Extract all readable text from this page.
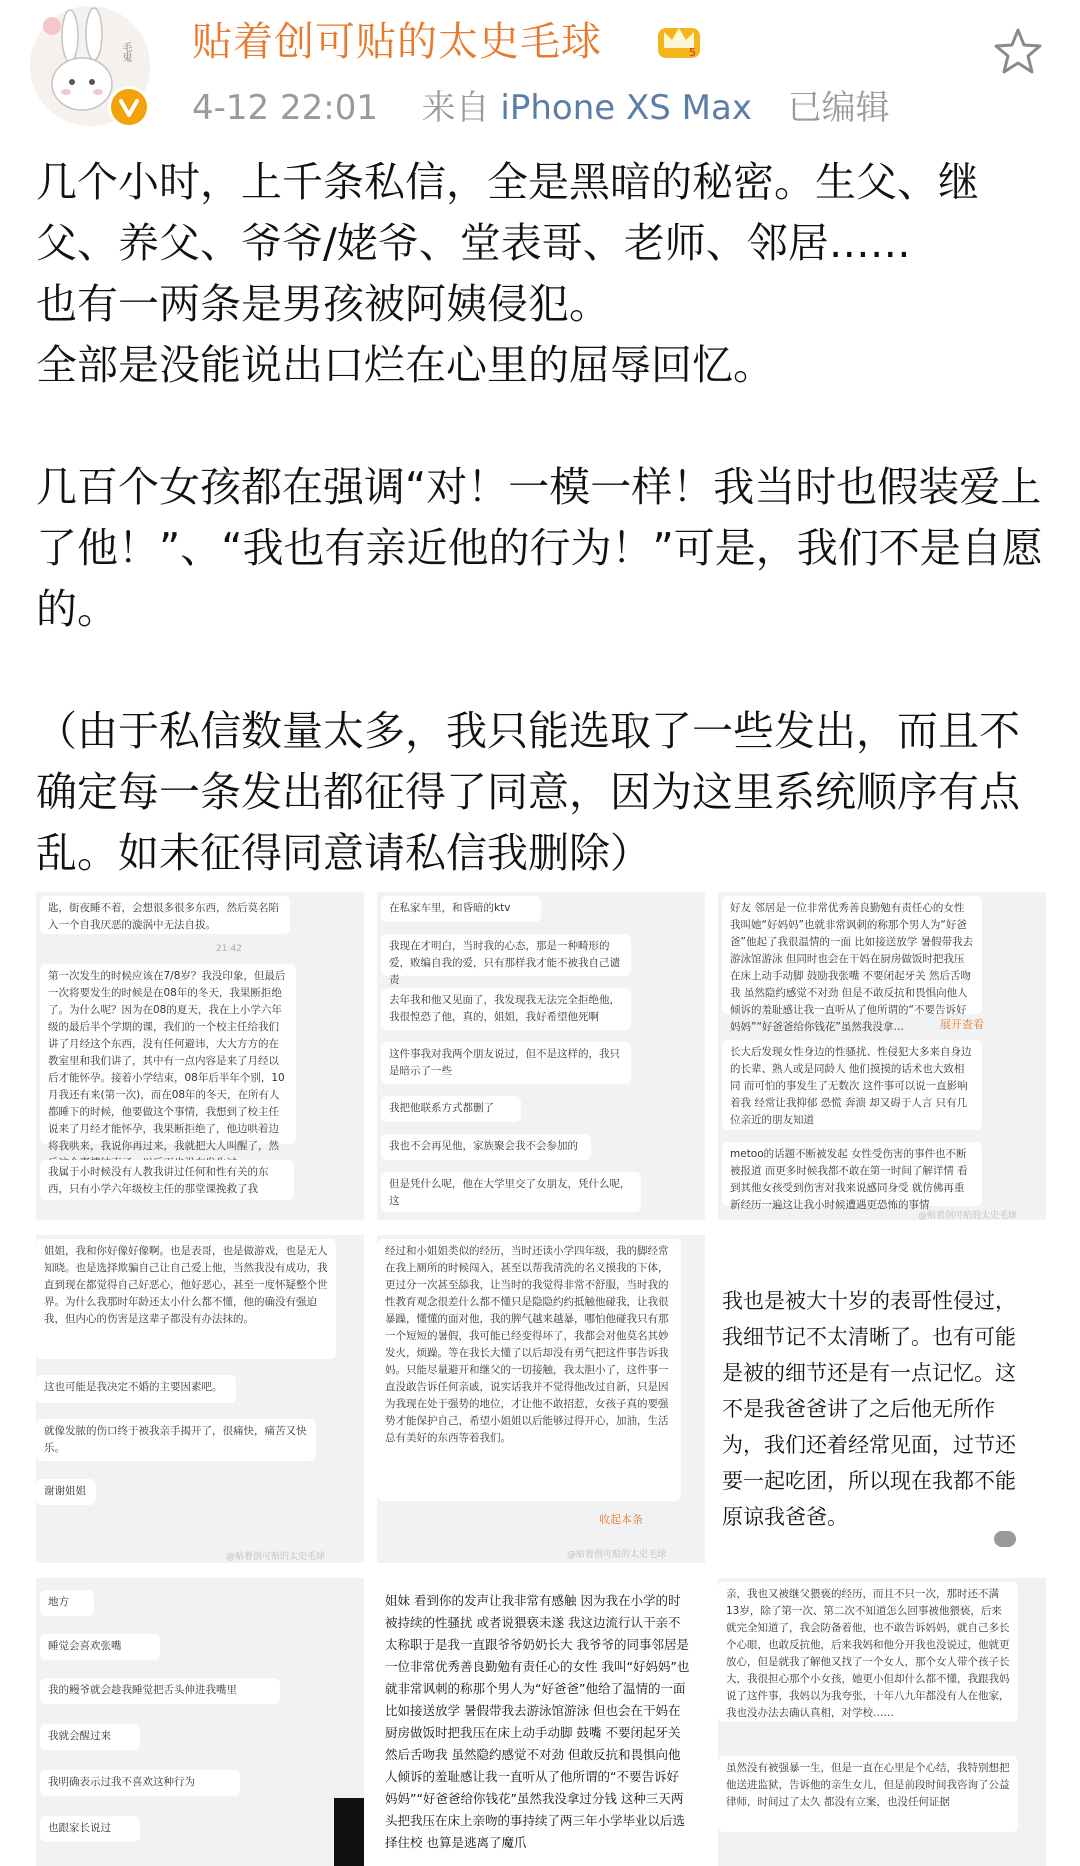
毛鬼 贴着创可贴的太史毛球	5
4-12 22:01 来自 iPhone XS Max 已编辑

几个小时，上千条私信，全是黑暗的秘密。生父、继父、养父、爷爷/姥爷、堂表哥、老师、邻居……

也有一两条是男孩被阿姨侵犯。

全部是没能说出口烂在心里的屈辱回忆。

几百个女孩都在强调“对！一模一样！我当时也假装爱上了他！”、“我也有亲近他的行为！”可是，我们不是自愿的。

（由于私信数量太多，我只能选取了一些发出，而且不确定每一条发出都征得了同意，因为这里系统顺序有点乱。如未征得同意请私信我删除）

匙，街夜睡不着，会想很多很多东西，然后莫名陷入一个自我厌恶的漩涡中无法自拔。
21:42
第一次发生的时候应该在7/8岁？我没印象，但最后一次将要发生的时候是在08年的冬天，我果断拒绝了。为什么呢？因为在08的夏天，我在上小学六年级的最后半个学期的课，我们的一个校主任给我们讲了月经这个东西，没有任何避讳，大大方方的在教室里和我们讲了，其中有一点内容是来了月经以后才能怀孕。接着小学结束，08年后半年个别，10月我还有来(第一次)，而在08年的冬天，在所有人都睡下的时候，他要做这个事情，我想到了校主任说来了月经才能怀孕，我果断拒绝了，他边哄着边将我哄来，我说你再过来，我就把大人叫醒了，然
我属于小时候没有人教我讲过任何和性有关的东西，只有小学六年级校主任的那堂课挽救了我
在私家车里，和昏暗的ktv
我现在才明白，当时我的心态，那是一种畸形的爱，败编自我的爱，只有那样我才能不被我自己谴责
去年我和他又见面了，我发现我无法完全拒绝他，我很惶恐了他，真的，姐姐，我好希望他死啊
这件事我对我两个朋友说过，但不是这样的，我只是暗示了一些
我把他联系方式都删了
我也不会再见他，家族聚会我不会参加的
但是凭什么呢，他在大学里交了女朋友，凭什么呢，这
好友 邻居是一位非常优秀善良勤勉有责任心的女性 我叫她“好妈妈”也就非常讽刺的称那个男人为“好爸爸”他起了我很温情的一面 比如接送放学 暑假带我去游泳馆游泳 但同时也会在干妈在厨房做饭时把我压在床上动手动脚 鼓励我张嘴 不要闭起牙关 然后舌吻我 虽然隐约感觉不对劲 但是不敢反抗和畏惧向他人倾诉的羞耻感让我一直听从了他所谓的“不要告诉好妈妈”“好爸爸给你钱花”虽然我没拿…	展开查看
长大后发现女性身边的性骚扰、性侵犯大多来自身边的长辈、熟人或是同龄人 他们摸摸的话术也大致相同 而可怕的事发生了无数次 这件事可以说一直影响着我 经常让我抑郁 恐慌 奔溃 却又碍于人言 只有几位亲近的朋友知道
metoo的话题不断被发起 女性受伤害的事件也不断被报道 而更多时候我都不敢在第一时间了解详情 看到其他女孩受到伤害对我来说感同身受 就仿佛再重新经历一遍这让我小时候遭遇更恐怖的事情
@贴着创可贴的太史毛球
姐姐，我和你好像好像啊。也是表哥，也是做游戏，也是无人知晓。也是选择欺骗自己让自己爱上他，当然我没有成功，我直到现在都觉得自己好恶心，他好恶心，甚至一度怀疑整个世界。为什么我那时年龄还太小什么都不懂，他的确没有强迫我，但内心的伤害是这辈子都没有办法抹的。
这也可能是我决定不婚的主要因素吧。
就像发脓的伤口终于被我亲手揭开了，很痛快，痛苦又快乐。
谢谢姐姐
@贴着创可贴的太史毛球
经过和小姐姐类似的经历，当时还读小学四年级，我的脚经常在我上厕所的时候闯入，甚至以帮我清洗的名义摸我的下体，更过分一次甚至舔我，让当时的我觉得非常不舒服，当时我的性教育观念很差什么都不懂只是隐隐约约抵触他碰我，让我很暴躁，懂懂的面对他，我的脾气越来越暴，哪怕他碰我只有那一个短短的暑假，我可能已经变得坏了，我都会对他莫名其妙发火，烦躁。等在我长大懂了以后却没有勇气把这件事告诉我妈。只能尽量避开和继父的一切接触，我太胆小了，这件事一直没敢告诉任何亲戚，说实话我并不觉得他改过自新，只是因为我现在处于强势的地位，才让他不敢招惹，女孩子真的要强势才能保护自己，希望小姐姐以后能够过得开心，加油，生活总有美好的东西等着我们。
收起本条
@贴着创可贴的太史毛球
我也是被大十岁的表哥性侵过，我细节记不太清晰了。也有可能是被的细节还是有一点记忆。这不是我爸爸讲了之后他无所作为，我们还着经常见面，过节还要一起吃团，所以现在我都不能原谅我爸爸。
地方
睡觉会喜欢张嘴
我的鳗爷就会趁我睡觉把舌头伸进我嘴里
我就会醒过来
我明确表示过我不喜欢这种行为
也跟家长说过
姐妹 看到你的发声让我非常有感触 因为我在小学的时被持续的性骚扰 或者说猥亵未遂 我这边流行认干亲不太称职于是我一直跟爷爷奶奶长大 我爷爷的同事邻居是一位非常优秀善良勤勉有责任心的女性 我叫“好妈妈”也就非常讽刺的称那个男人为“好爸爸”他给了温情的一面 比如接送放学 暑假带我去游泳馆游泳 但也会在干妈在厨房做饭时把我压在床上动手动脚 鼓嘴 不要闭起牙关 然后舌吻我 虽然隐约感觉不对劲 但敢反抗和畏惧向他人倾诉的羞耻感让我一直听从了他所谓的“不要告诉好妈妈”“好爸爸给你钱花”虽然我没拿过分钱 这种三天两头把我压在床上亲吻的事持续了两三年小学毕业以后选择住校 也算是逃离了魔爪
亲，我也又被继父猥亵的经历，而且不只一次，那时还不满13岁，除了第一次、第二次不知道怎么回事被他猥亵，后来就完全知道了，我会防备着他，也不敢告诉妈妈，就自己多长个心眼，也敢反抗他，后来我妈和他分开我也没说过，他就更放心，但是就我了解他又找了一个女人，那个女人带个孩子长大，我很担心那个小女孩，她更小但却什么都不懂，我跟我妈说了这件事，我妈以为我夸张，十年八九年都没有人在他家，我也没办法去确认真相，对学校……
虽然没有被强暴一生，但是一直在心里是个心结，我特别想把他送进监狱，告诉他的亲生女儿，但是前段时间我咨询了公益律师，时间过了太久 都没有立案，也没任何证据
